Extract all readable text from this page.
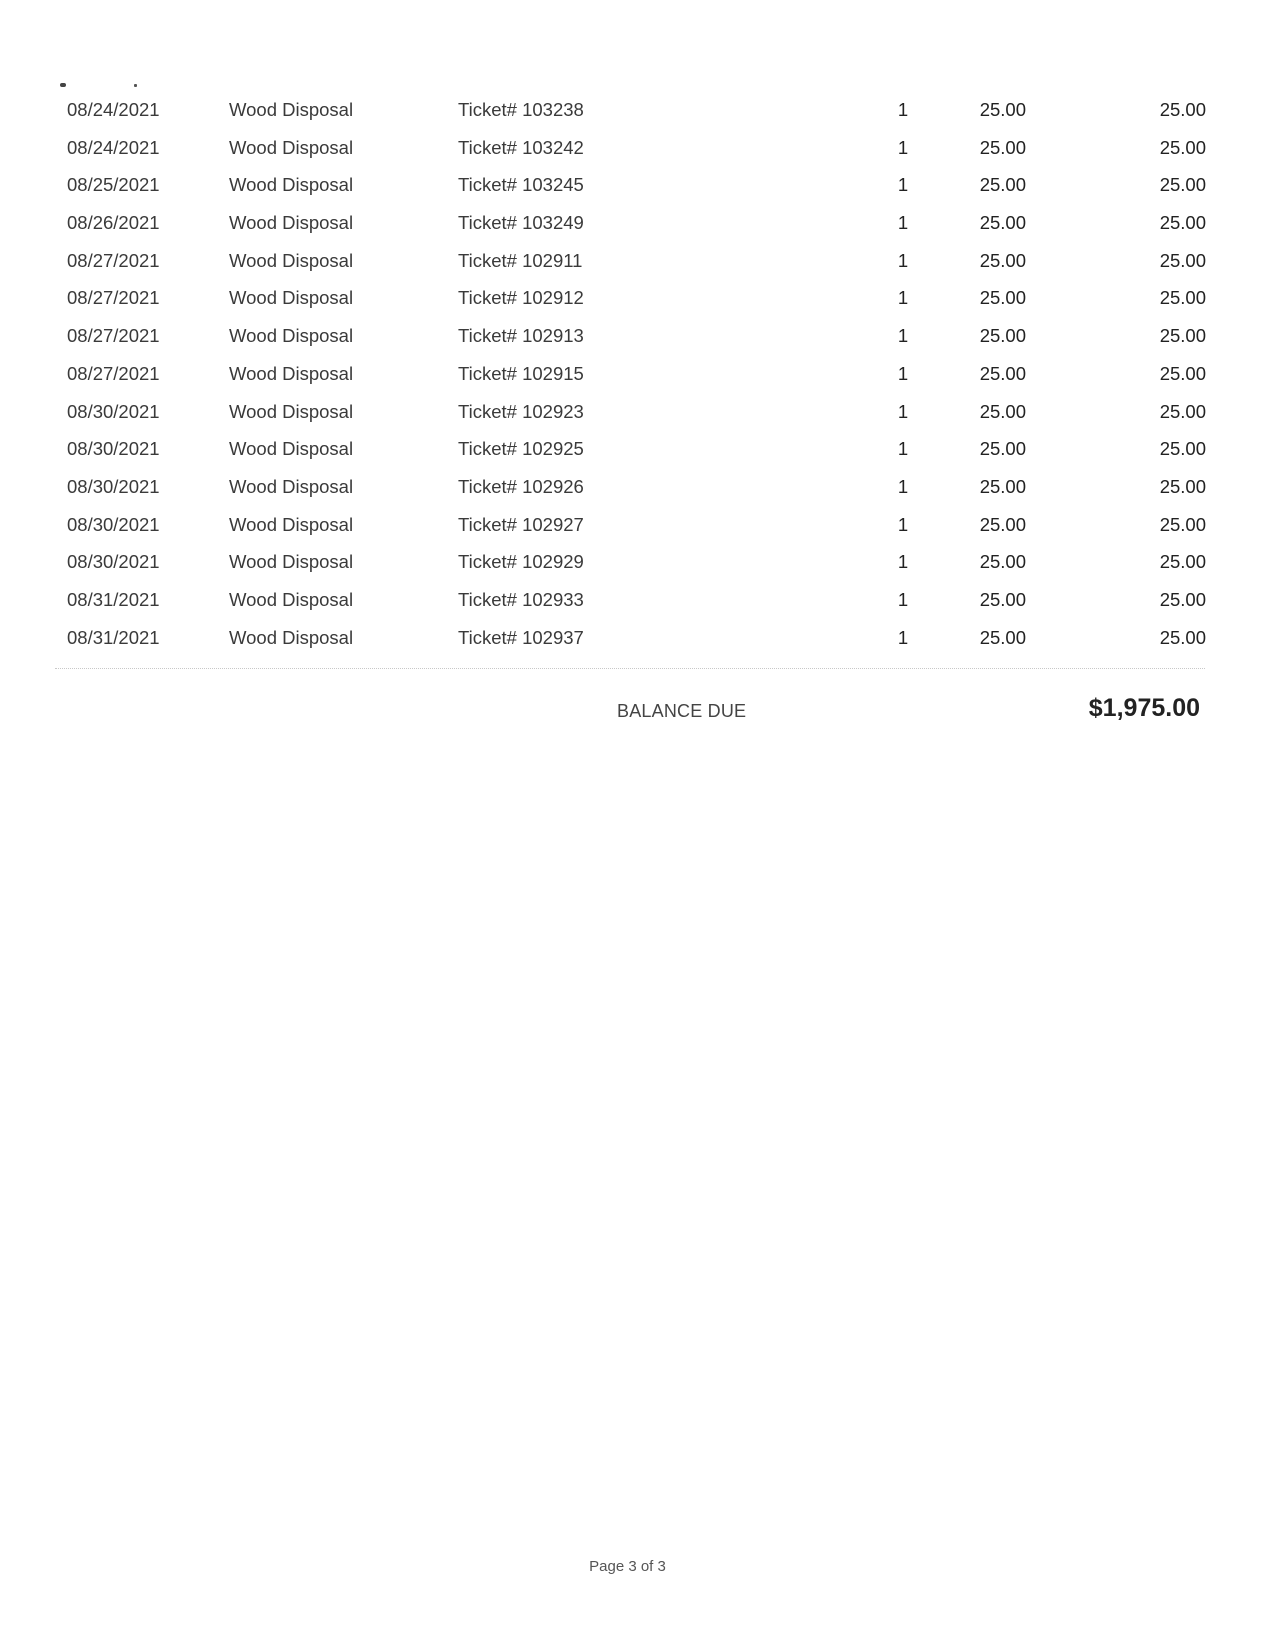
08/24/2021	Wood Disposal	Ticket# 103238	1	25.00	25.00
08/24/2021	Wood Disposal	Ticket# 103242	1	25.00	25.00
08/25/2021	Wood Disposal	Ticket# 103245	1	25.00	25.00
08/26/2021	Wood Disposal	Ticket# 103249	1	25.00	25.00
08/27/2021	Wood Disposal	Ticket# 102911	1	25.00	25.00
08/27/2021	Wood Disposal	Ticket# 102912	1	25.00	25.00
08/27/2021	Wood Disposal	Ticket# 102913	1	25.00	25.00
08/27/2021	Wood Disposal	Ticket# 102915	1	25.00	25.00
08/30/2021	Wood Disposal	Ticket# 102923	1	25.00	25.00
08/30/2021	Wood Disposal	Ticket# 102925	1	25.00	25.00
08/30/2021	Wood Disposal	Ticket# 102926	1	25.00	25.00
08/30/2021	Wood Disposal	Ticket# 102927	1	25.00	25.00
08/30/2021	Wood Disposal	Ticket# 102929	1	25.00	25.00
08/31/2021	Wood Disposal	Ticket# 102933	1	25.00	25.00
08/31/2021	Wood Disposal	Ticket# 102937	1	25.00	25.00
BALANCE DUE	$1,975.00
Page 3 of 3
